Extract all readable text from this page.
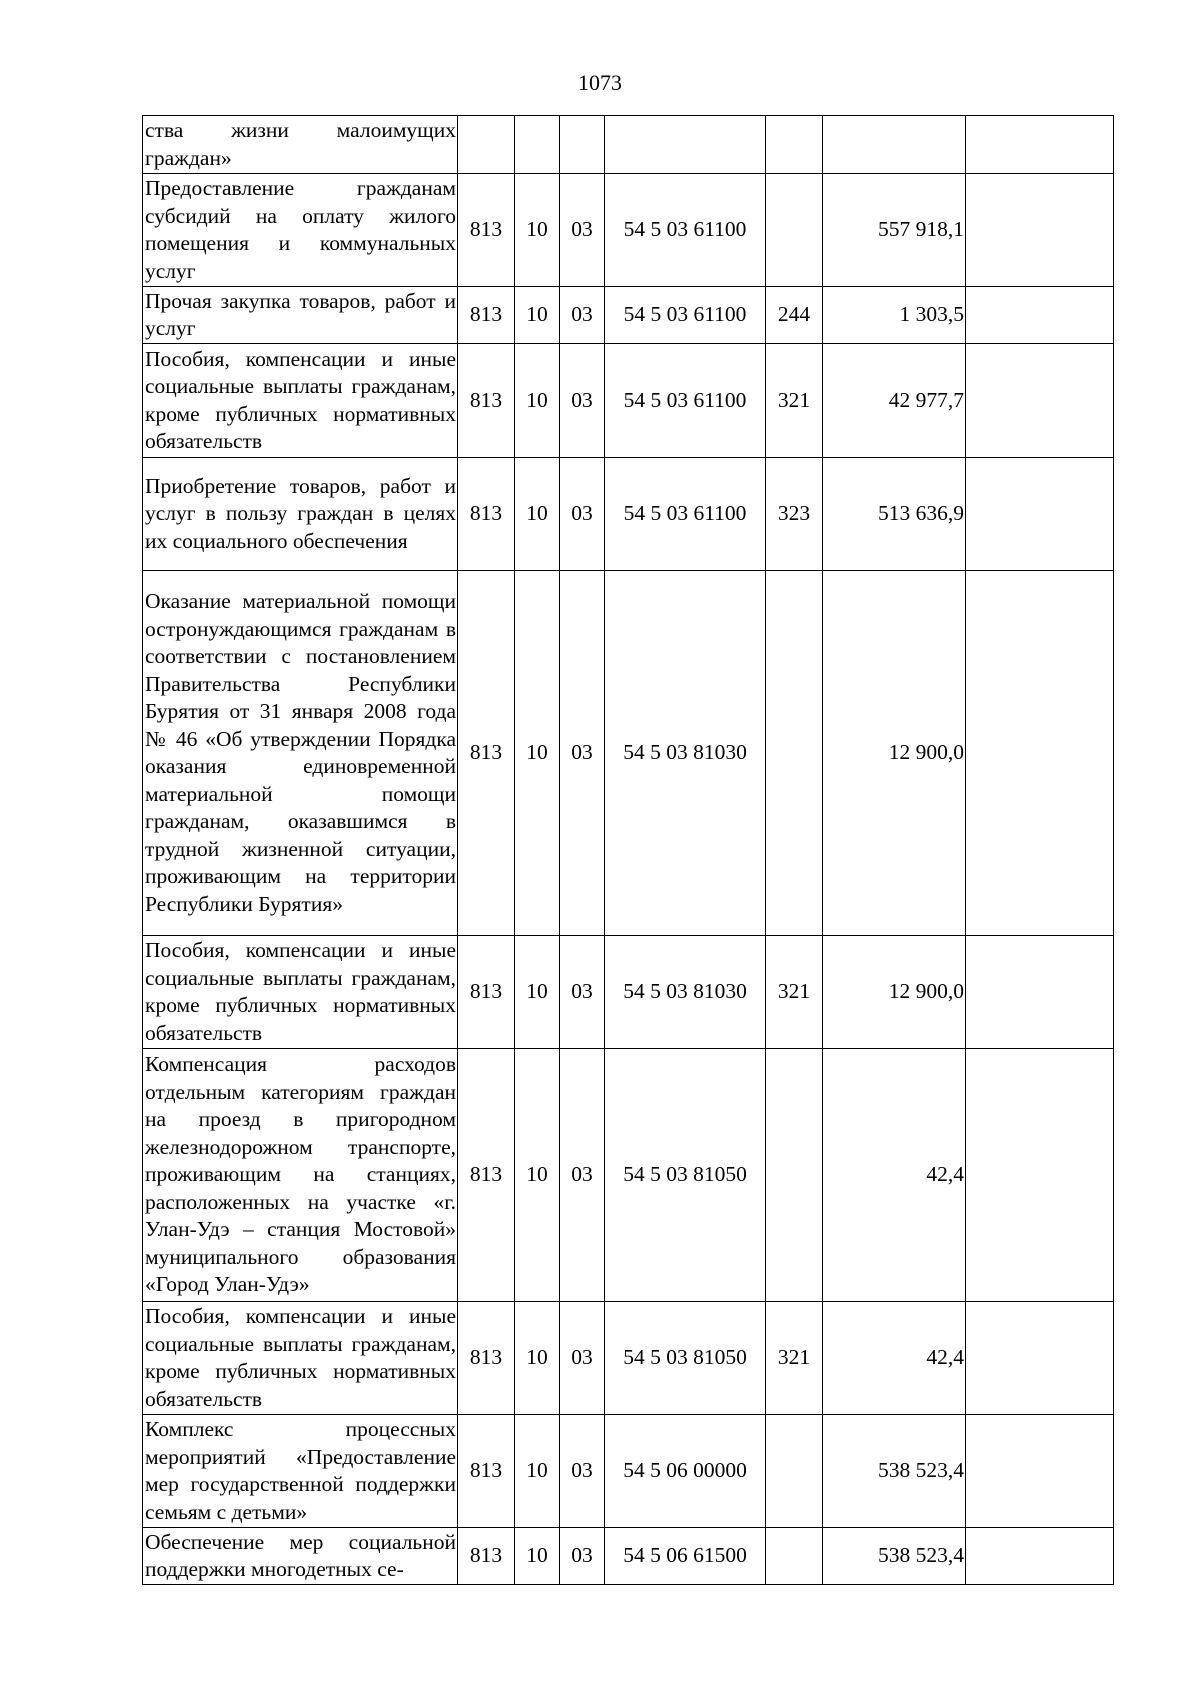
1073
ства жизни малоимущих граждан»							
Предоставление гражданам субсидий на оплату жилого помещения и коммунальных услуг	813	10	03	54 5 03 61100		557 918,1	
Прочая закупка товаров, работ и услуг	813	10	03	54 5 03 61100	244	1 303,5	
Пособия, компенсации и иные социальные выплаты гражданам, кроме публичных нормативных обязательств	813	10	03	54 5 03 61100	321	42 977,7	
Приобретение товаров, работ и услуг в пользу граждан в целях их социального обеспечения	813	10	03	54 5 03 61100	323	513 636,9	
Оказание материальной помощи остронуждающимся гражданам в соответствии с постановлением Правительства Республики Бурятия от 31 января 2008 года № 46 «Об утверждении Порядка оказания единовременной материальной помощи гражданам, оказавшимся в трудной жизненной ситуации, проживающим на территории Республики Бурятия»	813	10	03	54 5 03 81030		12 900,0	
Пособия, компенсации и иные социальные выплаты гражданам, кроме публичных нормативных обязательств	813	10	03	54 5 03 81030	321	12 900,0	
Компенсация расходов отдельным категориям граждан на проезд в пригородном железнодорожном транспорте, проживающим на станциях, расположенных на участке «г. Улан-Удэ – станция Мостовой» муниципального образования «Город Улан-Удэ»	813	10	03	54 5 03 81050		42,4	
Пособия, компенсации и иные социальные выплаты гражданам, кроме публичных нормативных обязательств	813	10	03	54 5 03 81050	321	42,4	
Комплекс процессных мероприятий «Предоставление мер государственной поддержки семьям с детьми»	813	10	03	54 5 06 00000		538 523,4	
Обеспечение мер социальной поддержки многодетных се-	813	10	03	54 5 06 61500		538 523,4	
